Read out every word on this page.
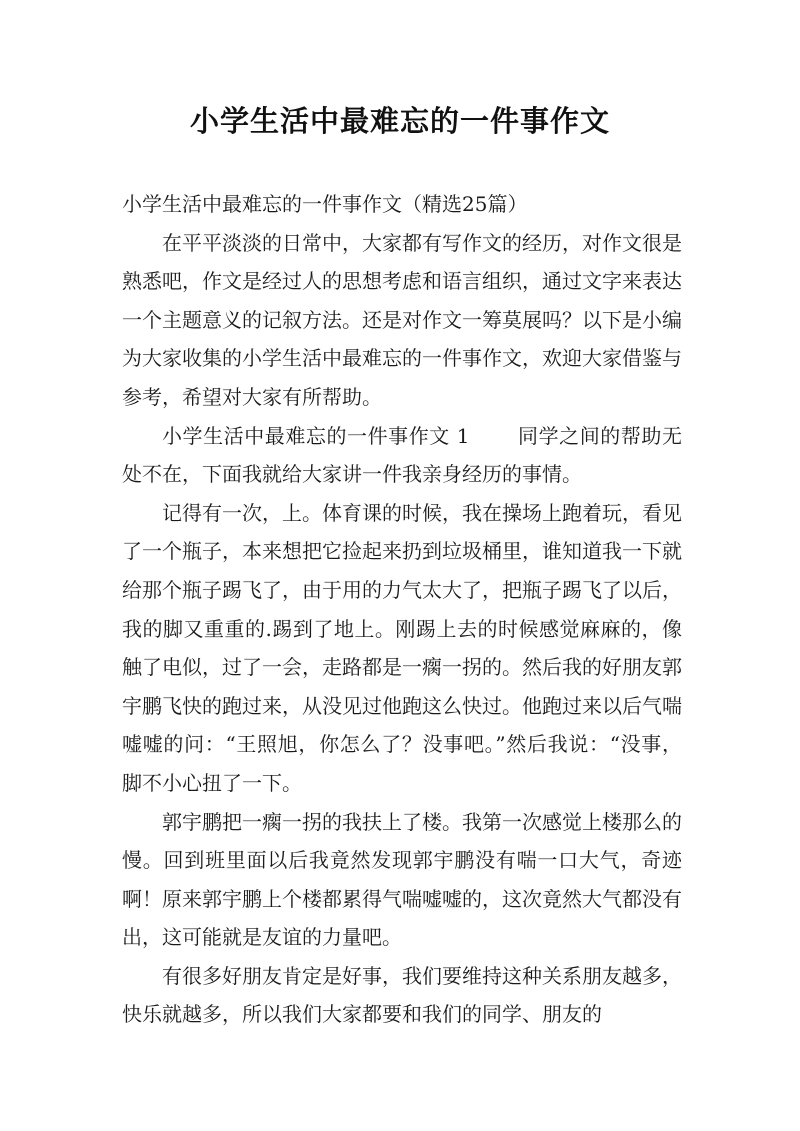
小学生活中最难忘的一件事作文

小学生活中最难忘的一件事作文（精选25篇）

在平平淡淡的日常中，大家都有写作文的经历，对作文很是熟悉吧，作文是经过人的思想考虑和语言组织，通过文字来表达一个主题意义的记叙方法。还是对作文一筹莫展吗？以下是小编为大家收集的小学生活中最难忘的一件事作文，欢迎大家借鉴与参考，希望对大家有所帮助。

小学生活中最难忘的一件事作文 1 同学之间的帮助无处不在，下面我就给大家讲一件我亲身经历的事情。

记得有一次，上。体育课的时候，我在操场上跑着玩，看见了一个瓶子，本来想把它捡起来扔到垃圾桶里，谁知道我一下就给那个瓶子踢飞了，由于用的力气太大了，把瓶子踢飞了以后，我的脚又重重的.踢到了地上。刚踢上去的时候感觉麻麻的，像触了电似，过了一会，走路都是一瘸一拐的。然后我的好朋友郭宇鹏飞快的跑过来，从没见过他跑这么快过。他跑过来以后气喘嘘嘘的问：“王照旭，你怎么了？没事吧。”然后我说：“没事，脚不小心扭了一下。

郭宇鹏把一瘸一拐的我扶上了楼。我第一次感觉上楼那么的慢。回到班里面以后我竟然发现郭宇鹏没有喘一口大气，奇迹啊！原来郭宇鹏上个楼都累得气喘嘘嘘的，这次竟然大气都没有出，这可能就是友谊的力量吧。

有很多好朋友肯定是好事，我们要维持这种关系朋友越多，快乐就越多，所以我们大家都要和我们的同学、朋友的
